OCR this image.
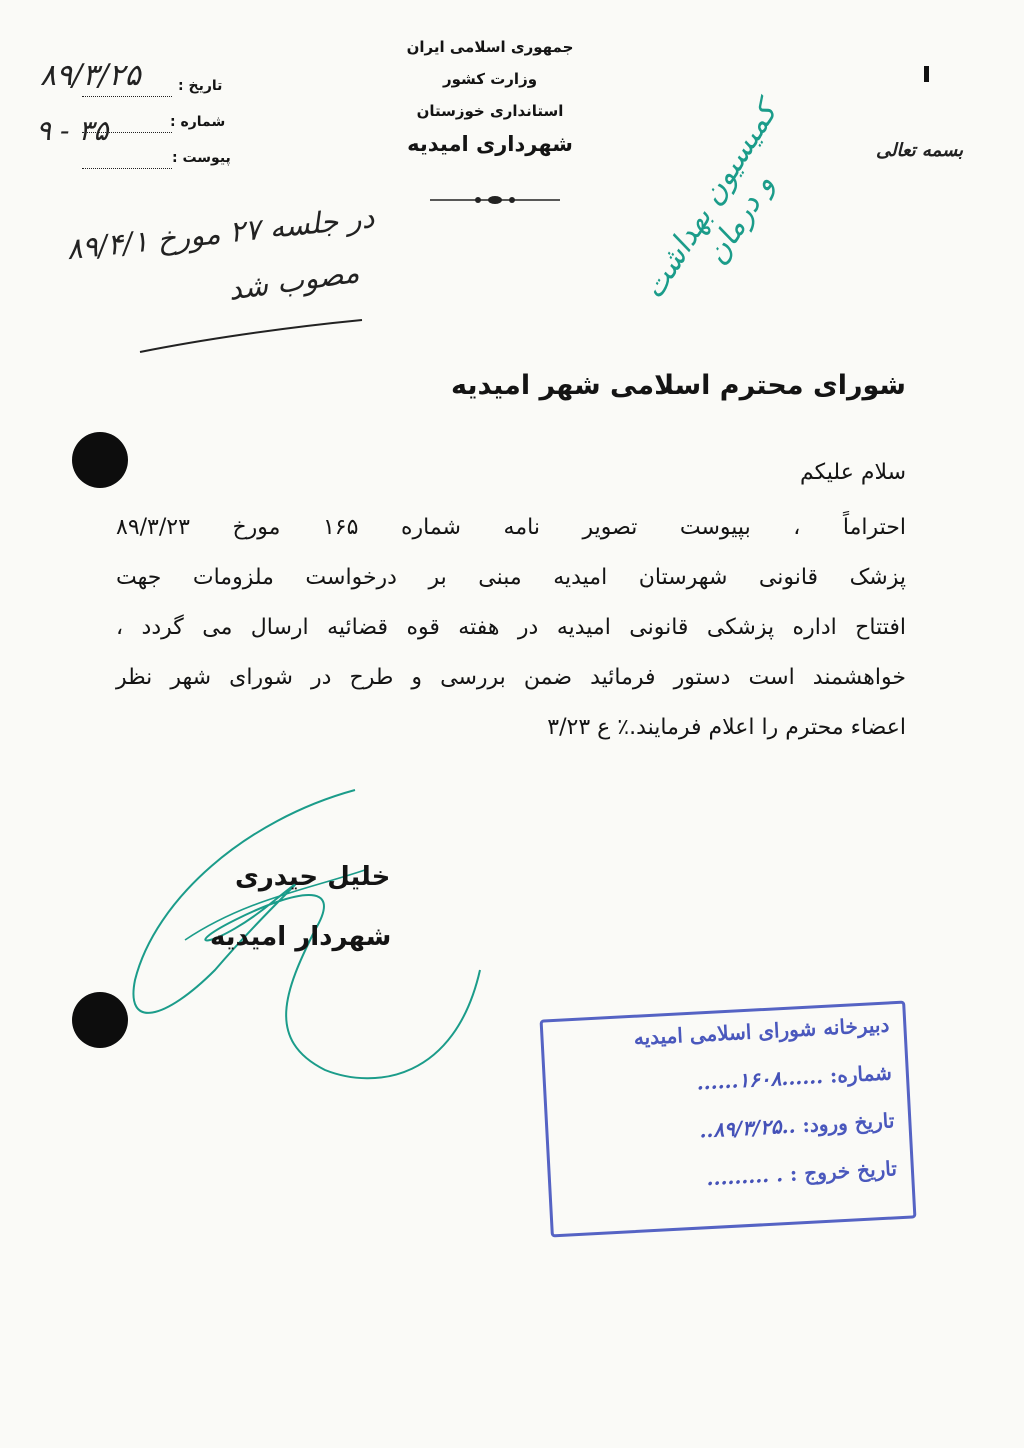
جمهوری اسلامی ایران
وزارت کشور
استانداری خوزستان
شهرداری امیدیه
تاریخ :
شماره :
پیوست :
۸۹/۳/۲۵
۳۵ - ۹
بسمه تعالی
در جلسه ۲۷ مورخ ۸۹/۴/۱
مصوب شد	کمیسیون بهداشت و درمان
شورای محترم اسلامی شهر امیدیه
سلام علیکم

احتراماً ، بپیوست تصویر نامه شماره ۱۶۵ مورخ ۸۹/۳/۲۳

پزشک قانونی شهرستان امیدیه مبنی بر درخواست ملزومات جهت

افتتاح اداره پزشکی قانونی امیدیه در هفته قوه قضائیه ارسال می گردد ،

خواهشمند است دستور فرمائید ضمن بررسی و طرح در شورای شهر نظر

اعضاء محترم را اعلام فرمایند.٪ ع ۳/۲۳

خلیل حیدری
شهردار امیدیه
دبیرخانه شورای اسلامی امیدیه
شماره: ......۱۶۰۸......
تاریخ ورود: ..۸۹/۳/۲۵..
تاریخ خروج : . .........
